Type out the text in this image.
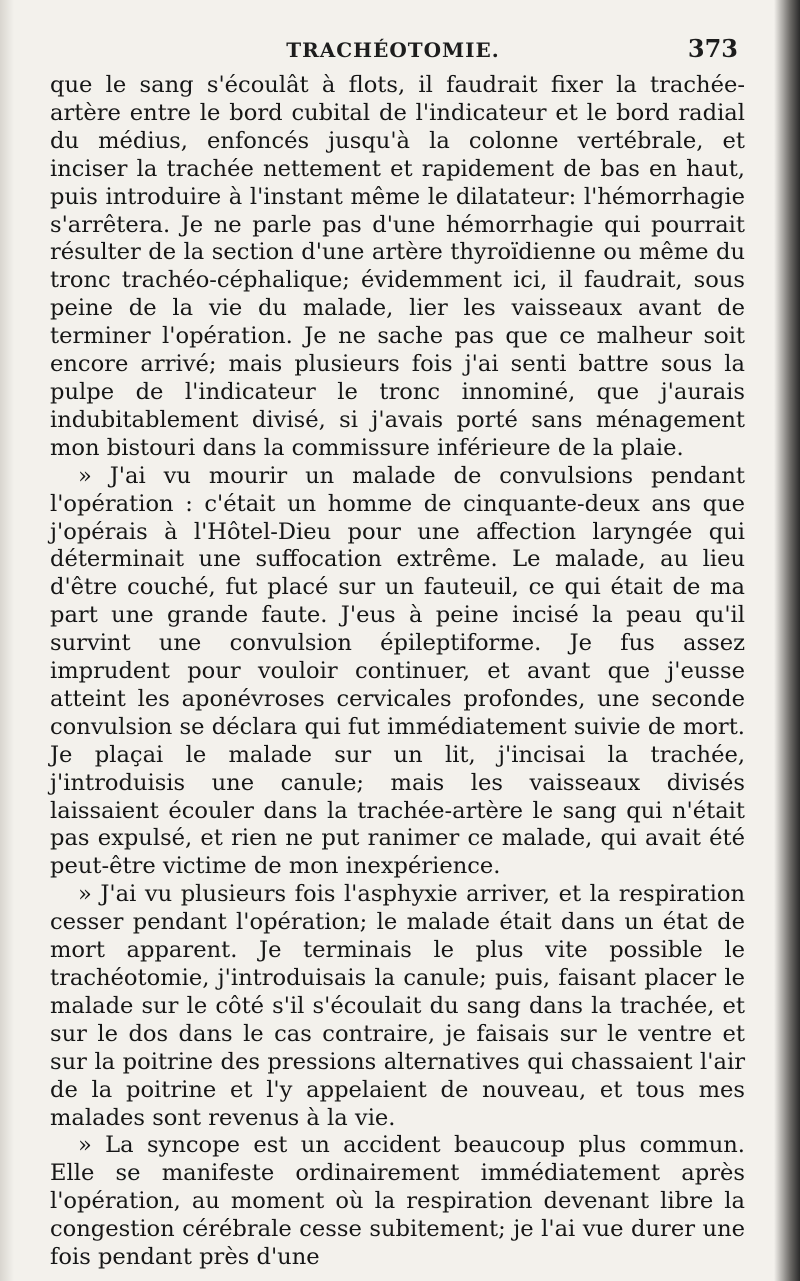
TRACHÉOTOMIE.	373

que le sang s'écoulât à flots, il faudrait fixer la trachée-artère entre le bord cubital de l'indicateur et le bord radial du médius, enfoncés jusqu'à la colonne vertébrale, et inciser la trachée nettement et rapidement de bas en haut, puis introduire à l'instant même le dilatateur: l'hémorrhagie s'arrêtera. Je ne parle pas d'une hémorrhagie qui pourrait résulter de la section d'une artère thyroïdienne ou même du tronc trachéo-céphalique; évidemment ici, il faudrait, sous peine de la vie du malade, lier les vaisseaux avant de terminer l'opération. Je ne sache pas que ce malheur soit encore arrivé; mais plusieurs fois j'ai senti battre sous la pulpe de l'indicateur le tronc innominé, que j'aurais indubitablement divisé, si j'avais porté sans ménagement mon bistouri dans la commissure inférieure de la plaie.

» J'ai vu mourir un malade de convulsions pendant l'opération : c'était un homme de cinquante-deux ans que j'opérais à l'Hôtel-Dieu pour une affection laryngée qui déterminait une suffocation extrême. Le malade, au lieu d'être couché, fut placé sur un fauteuil, ce qui était de ma part une grande faute. J'eus à peine incisé la peau qu'il survint une convulsion épileptiforme. Je fus assez imprudent pour vouloir continuer, et avant que j'eusse atteint les aponévroses cervicales profondes, une seconde convulsion se déclara qui fut immédiatement suivie de mort. Je plaçai le malade sur un lit, j'incisai la trachée, j'introduisis une canule; mais les vaisseaux divisés laissaient écouler dans la trachée-artère le sang qui n'était pas expulsé, et rien ne put ranimer ce malade, qui avait été peut-être victime de mon inexpérience.

» J'ai vu plusieurs fois l'asphyxie arriver, et la respiration cesser pendant l'opération; le malade était dans un état de mort apparent. Je terminais le plus vite possible le trachéotomie, j'introduisais la canule; puis, faisant placer le malade sur le côté s'il s'écoulait du sang dans la trachée, et sur le dos dans le cas contraire, je faisais sur le ventre et sur la poitrine des pressions alternatives qui chassaient l'air de la poitrine et l'y appelaient de nouveau, et tous mes malades sont revenus à la vie.

» La syncope est un accident beaucoup plus commun. Elle se manifeste ordinairement immédiatement après l'opération, au moment où la respiration devenant libre la congestion cérébrale cesse subitement; je l'ai vue durer une fois pendant près d'une
